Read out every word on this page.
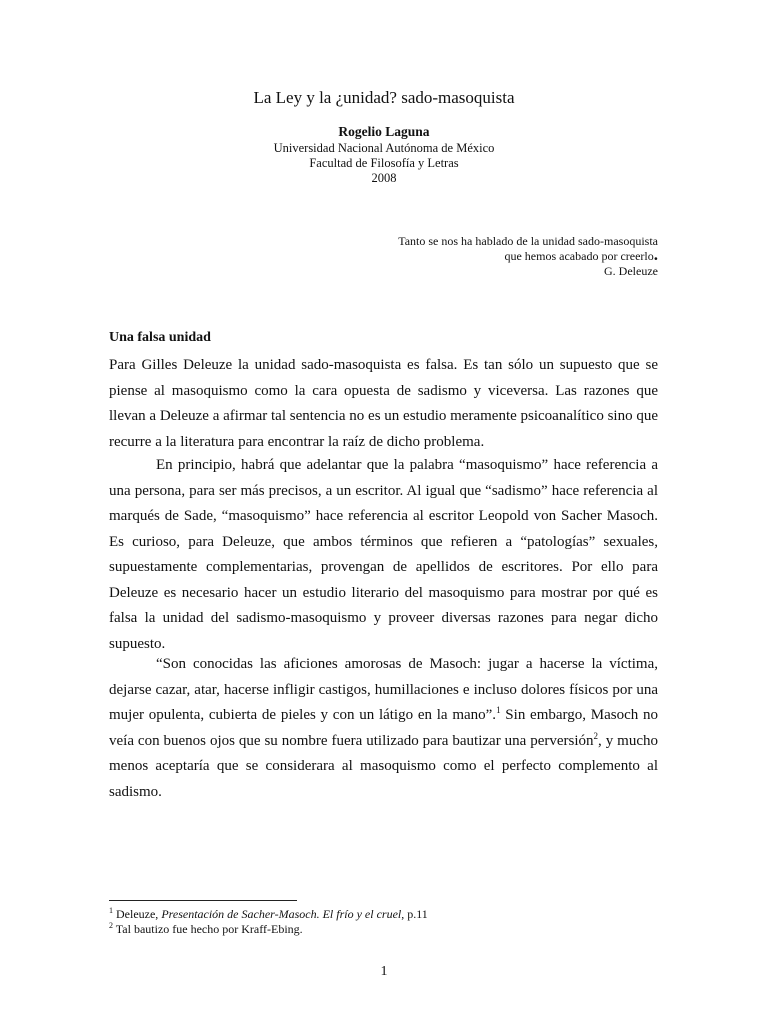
La Ley y la ¿unidad? sado-masoquista
Rogelio Laguna
Universidad Nacional Autónoma de México
Facultad de Filosofía y Letras
2008
Tanto se nos ha hablado de la unidad sado-masoquista
que hemos acabado por creerlo.
G. Deleuze
Una falsa unidad
Para Gilles Deleuze la unidad sado-masoquista es falsa. Es tan sólo un supuesto que se piense al masoquismo como la cara opuesta de sadismo y viceversa. Las razones que llevan a Deleuze a afirmar tal sentencia no es un estudio meramente psicoanalítico sino que recurre a la literatura para encontrar la raíz de dicho problema.
En principio, habrá que adelantar que la palabra “masoquismo” hace referencia a una persona, para ser más precisos, a un escritor. Al igual que “sadismo” hace referencia al marqués de Sade, “masoquismo” hace referencia al escritor Leopold von Sacher Masoch. Es curioso, para Deleuze, que ambos términos que refieren a “patologías” sexuales, supuestamente complementarias, provengan de apellidos de escritores. Por ello para Deleuze es necesario hacer un estudio literario del masoquismo para mostrar por qué es falsa la unidad del sadismo-masoquismo y proveer diversas razones para negar dicho supuesto.
“Son conocidas las aficiones amorosas de Masoch: jugar a hacerse la víctima, dejarse cazar, atar, hacerse infligir castigos, humillaciones e incluso dolores físicos por una mujer opulenta, cubierta de pieles y con un látigo en la mano”.$^1$ Sin embargo, Masoch no veía con buenos ojos que su nombre fuera utilizado para bautizar una perversión$^2$, y mucho menos aceptaría que se considerara al masoquismo como el perfecto complemento al sadismo.
$^1$ Deleuze, Presentación de Sacher-Masoch. El frío y el cruel, p.11
$^2$ Tal bautizo fue hecho por Kraff-Ebing.
1
